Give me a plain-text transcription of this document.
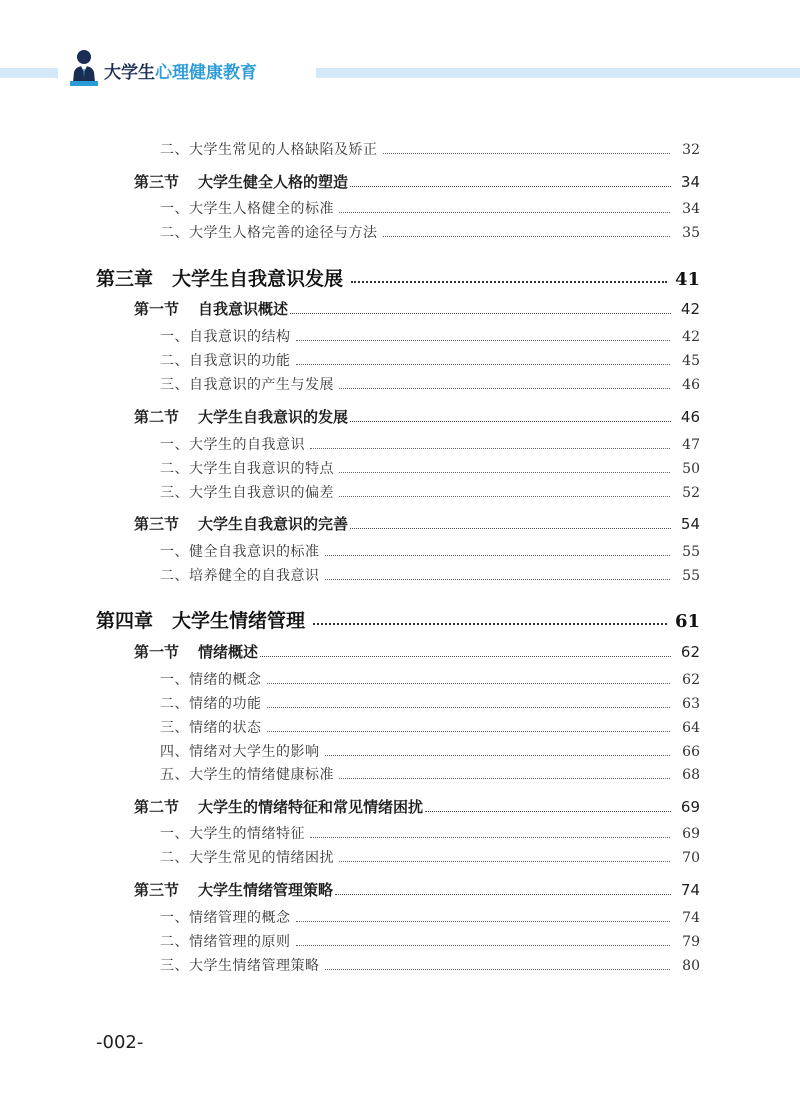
大学生心理健康教育
二、大学生常见的人格缺陷及矫正	32
第三节 大学生健全人格的塑造	34
一、大学生人格健全的标准	34
二、大学生人格完善的途径与方法	35
第三章 大学生自我意识发展	41
第一节 自我意识概述	42
一、自我意识的结构	42
二、自我意识的功能	45
三、自我意识的产生与发展	46
第二节 大学生自我意识的发展	46
一、大学生的自我意识	47
二、大学生自我意识的特点	50
三、大学生自我意识的偏差	52
第三节 大学生自我意识的完善	54
一、健全自我意识的标准	55
二、培养健全的自我意识	55
第四章 大学生情绪管理	61
第一节 情绪概述	62
一、情绪的概念	62
二、情绪的功能	63
三、情绪的状态	64
四、情绪对大学生的影响	66
五、大学生的情绪健康标准	68
第二节 大学生的情绪特征和常见情绪困扰	69
一、大学生的情绪特征	69
二、大学生常见的情绪困扰	70
第三节 大学生情绪管理策略	74
一、情绪管理的概念	74
二、情绪管理的原则	79
三、大学生情绪管理策略	80
-002-
